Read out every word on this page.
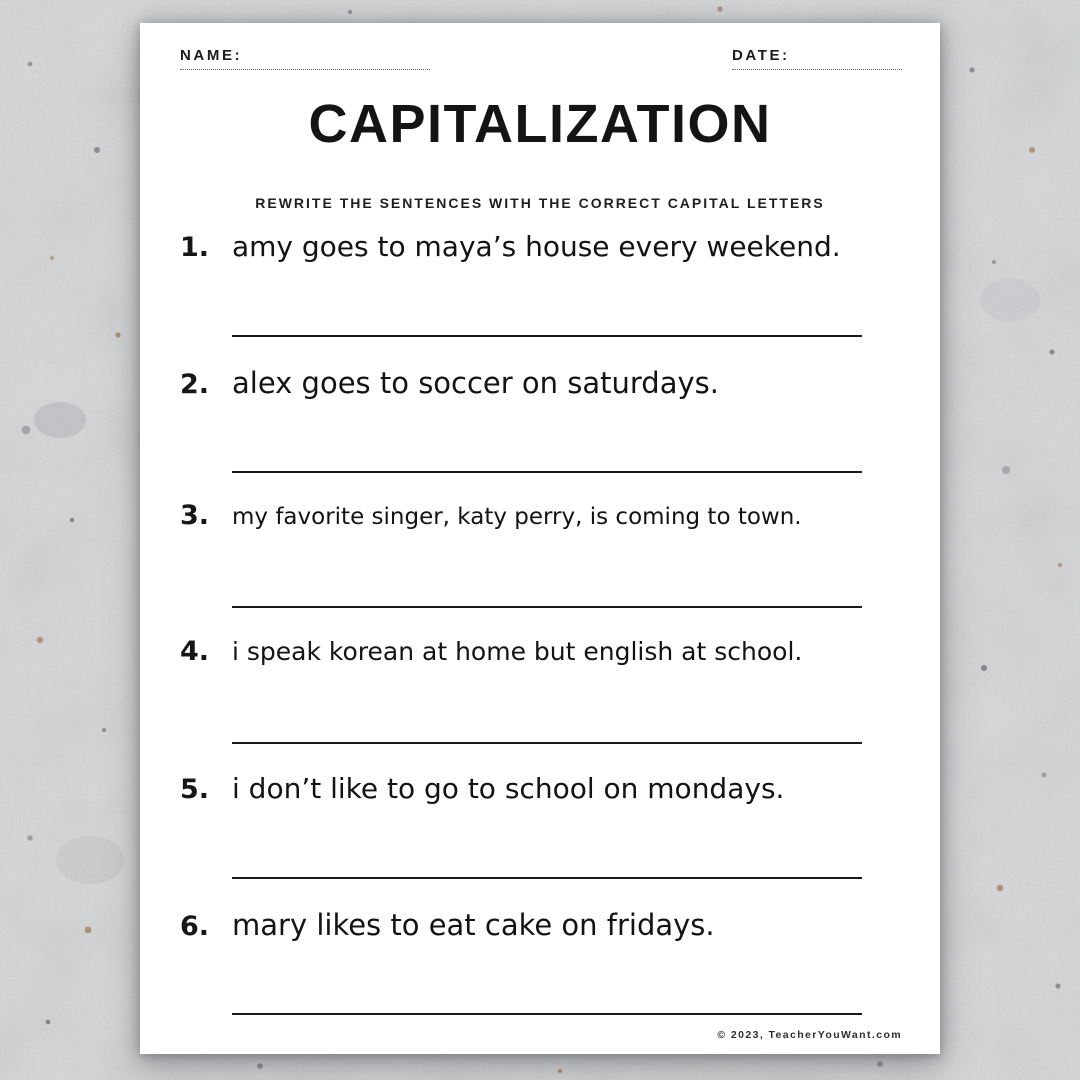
NAME:	DATE:
CAPITALIZATION
REWRITE THE SENTENCES WITH THE CORRECT CAPITAL LETTERS
1. amy goes to maya’s house every weekend.
2. alex goes to soccer on saturdays.
3. my favorite singer, katy perry, is coming to town.
4. i speak korean at home but english at school.
5. i don’t like to go to school on mondays.
6. mary likes to eat cake on fridays.
© 2023, TeacherYouWant.com
